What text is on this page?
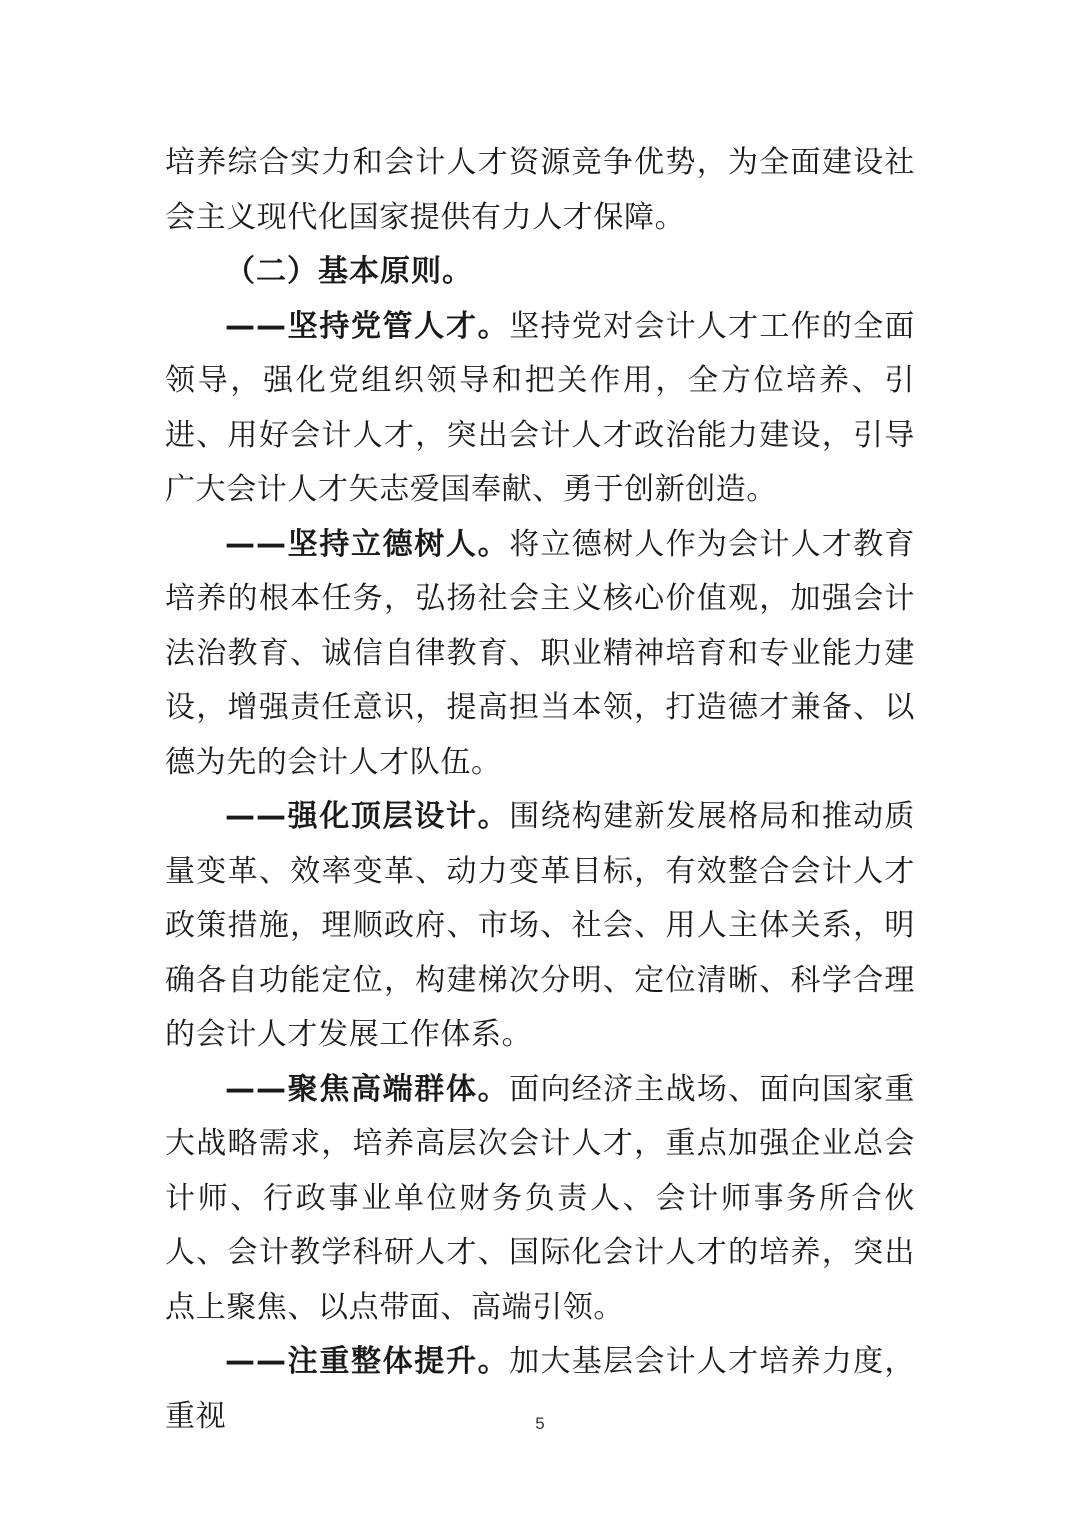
培养综合实力和会计人才资源竞争优势，为全面建设社会主义现代化国家提供有力人才保障。

（二）基本原则。

——坚持党管人才。坚持党对会计人才工作的全面领导，强化党组织领导和把关作用，全方位培养、引进、用好会计人才，突出会计人才政治能力建设，引导广大会计人才矢志爱国奉献、勇于创新创造。

——坚持立德树人。将立德树人作为会计人才教育培养的根本任务，弘扬社会主义核心价值观，加强会计法治教育、诚信自律教育、职业精神培育和专业能力建设，增强责任意识，提高担当本领，打造德才兼备、以德为先的会计人才队伍。

——强化顶层设计。围绕构建新发展格局和推动质量变革、效率变革、动力变革目标，有效整合会计人才政策措施，理顺政府、市场、社会、用人主体关系，明确各自功能定位，构建梯次分明、定位清晰、科学合理的会计人才发展工作体系。

——聚焦高端群体。面向经济主战场、面向国家重大战略需求，培养高层次会计人才，重点加强企业总会计师、行政事业单位财务负责人、会计师事务所合伙人、会计教学科研人才、国际化会计人才的培养，突出点上聚焦、以点带面、高端引领。

——注重整体提升。加大基层会计人才培养力度，重视	5
